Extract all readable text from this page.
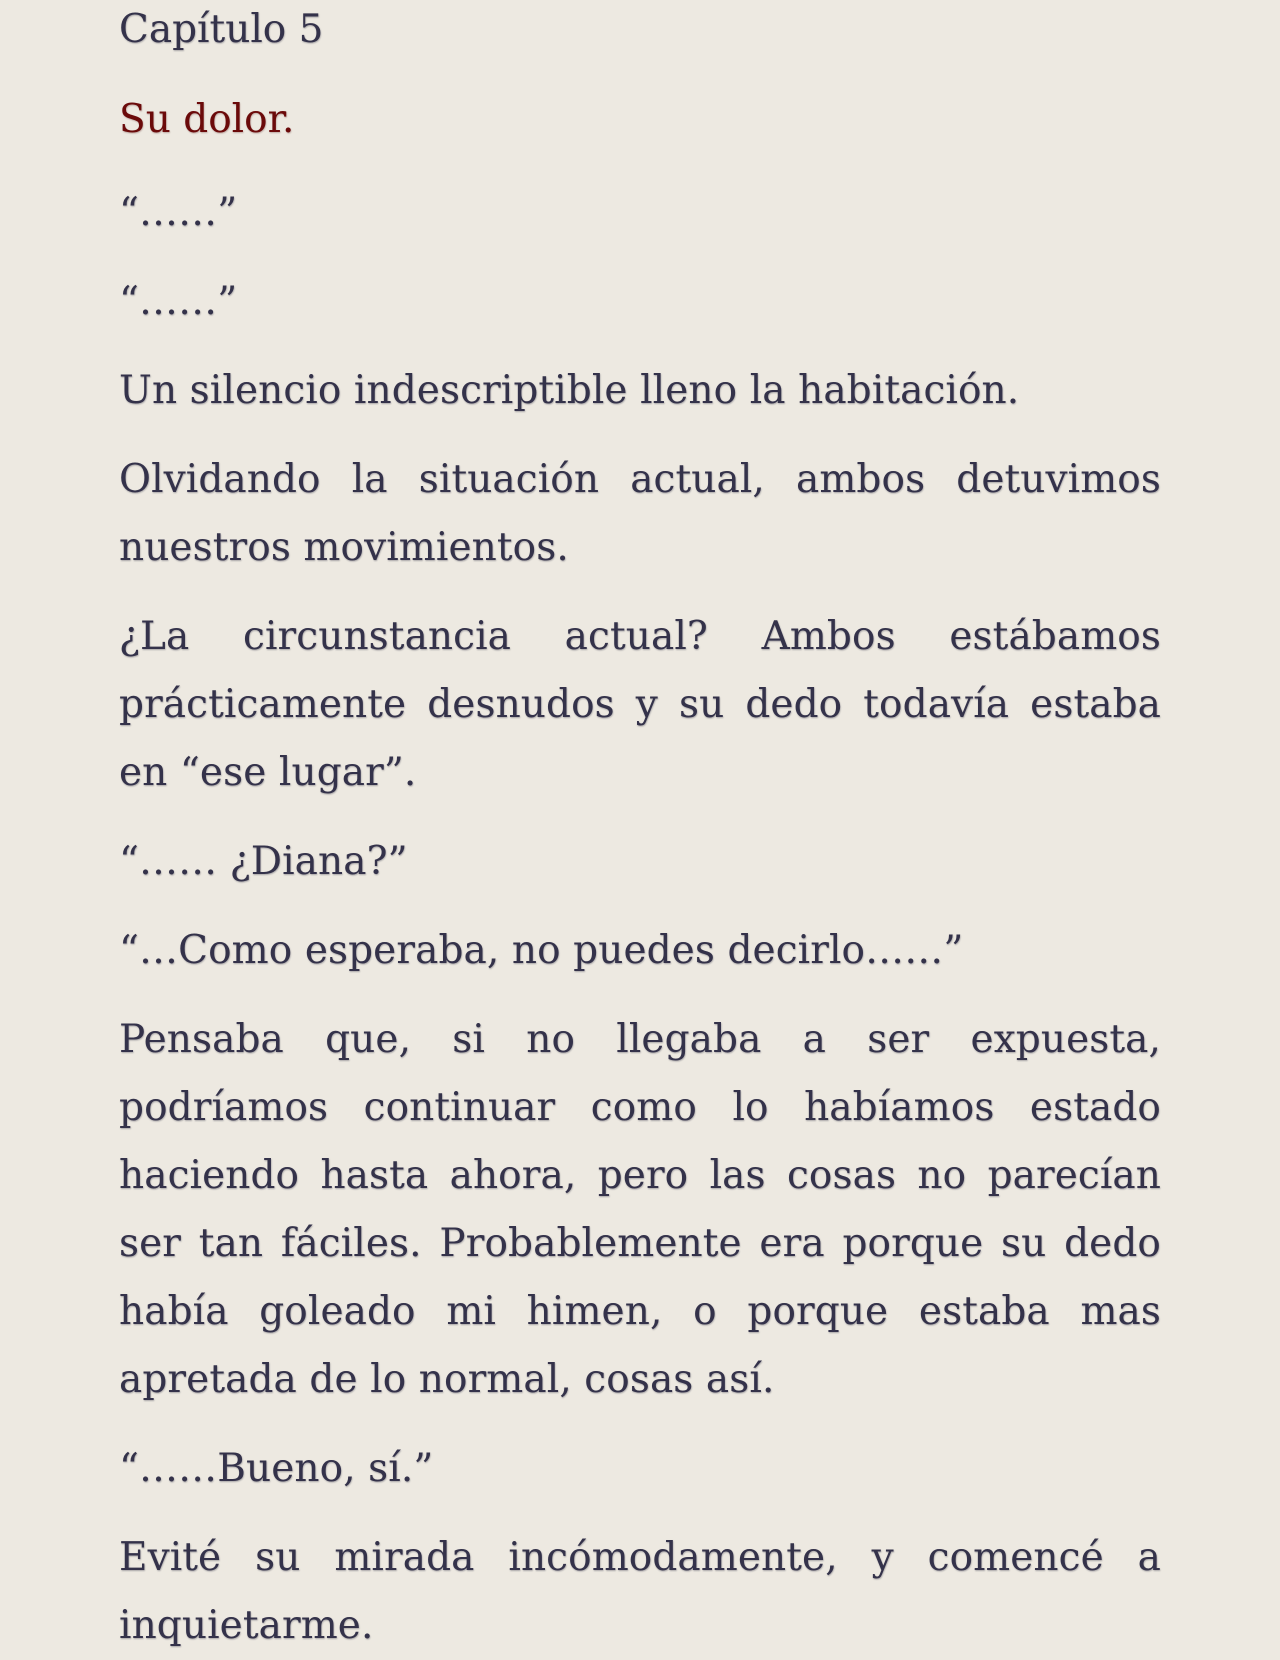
Capítulo 5
Su dolor.

“……”

“……”

Un silencio indescriptible lleno la habitación.

Olvidando la situación actual, ambos detuvimos nuestros movimientos.

¿La circunstancia actual? Ambos estábamos prácticamente desnudos y su dedo todavía estaba en “ese lugar”.

“…… ¿Diana?”

“…Como esperaba, no puedes decirlo……”

Pensaba que, si no llegaba a ser expuesta, podríamos continuar como lo habíamos estado haciendo hasta ahora, pero las cosas no parecían ser tan fáciles. Probablemente era porque su dedo había goleado mi himen, o porque estaba mas apretada de lo normal, cosas así.

“……Bueno, sí.”

Evité su mirada incómodamente, y comencé a inquietarme.
